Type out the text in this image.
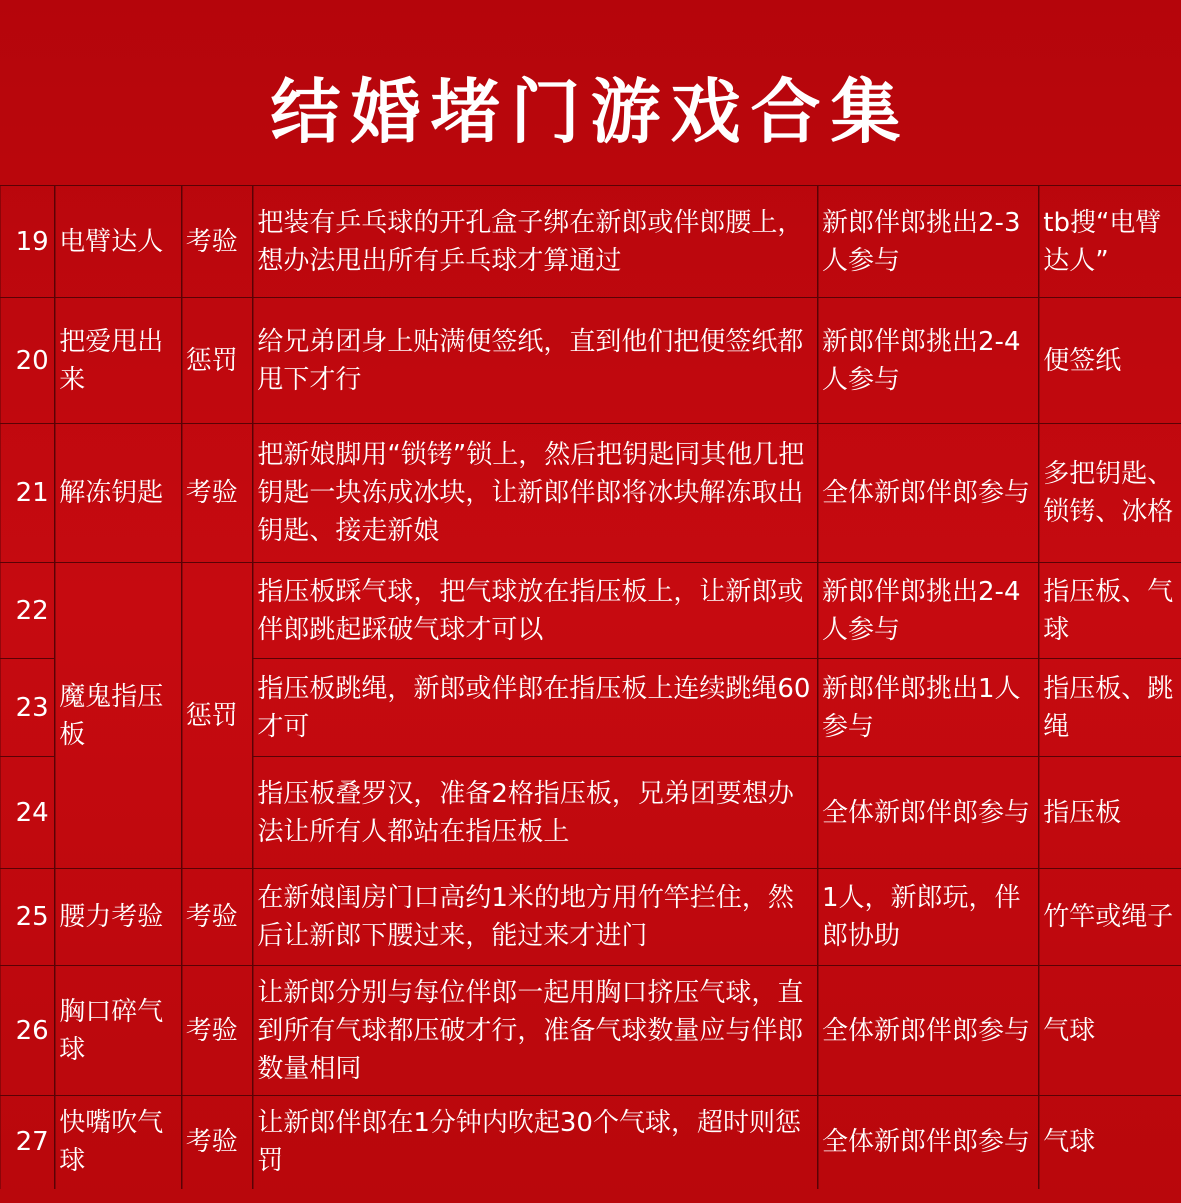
结婚堵门游戏合集
19	电臂达人	考验	把装有乒乓球的开孔盒子绑在新郎或伴郎腰上，想办法甩出所有乒乓球才算通过	新郎伴郎挑出2-3人参与	tb搜“电臂达人”
20	把爱甩出来	惩罚	给兄弟团身上贴满便签纸，直到他们把便签纸都甩下才行	新郎伴郎挑出2-4人参与	便签纸
21	解冻钥匙	考验	把新娘脚用“锁铐”锁上，然后把钥匙同其他几把钥匙一块冻成冰块，让新郎伴郎将冰块解冻取出钥匙、接走新娘	全体新郎伴郎参与	多把钥匙、锁铐、冰格
22	魔鬼指压板	惩罚	指压板踩气球，把气球放在指压板上，让新郎或伴郎跳起踩破气球才可以	新郎伴郎挑出2-4人参与	指压板、气球
23			指压板跳绳，新郎或伴郎在指压板上连续跳绳60才可	新郎伴郎挑出1人参与	指压板、跳绳
24			指压板叠罗汉，准备2格指压板，兄弟团要想办法让所有人都站在指压板上	全体新郎伴郎参与	指压板
25	腰力考验	考验	在新娘闺房门口高约1米的地方用竹竿拦住，然后让新郎下腰过来，能过来才进门	1人，新郎玩，伴郎协助	竹竿或绳子
26	胸口碎气球	考验	让新郎分别与每位伴郎一起用胸口挤压气球，直到所有气球都压破才行，准备气球数量应与伴郎数量相同	全体新郎伴郎参与	气球
27	快嘴吹气球	考验	让新郎伴郎在1分钟内吹起30个气球，超时则惩罚	全体新郎伴郎参与	气球
